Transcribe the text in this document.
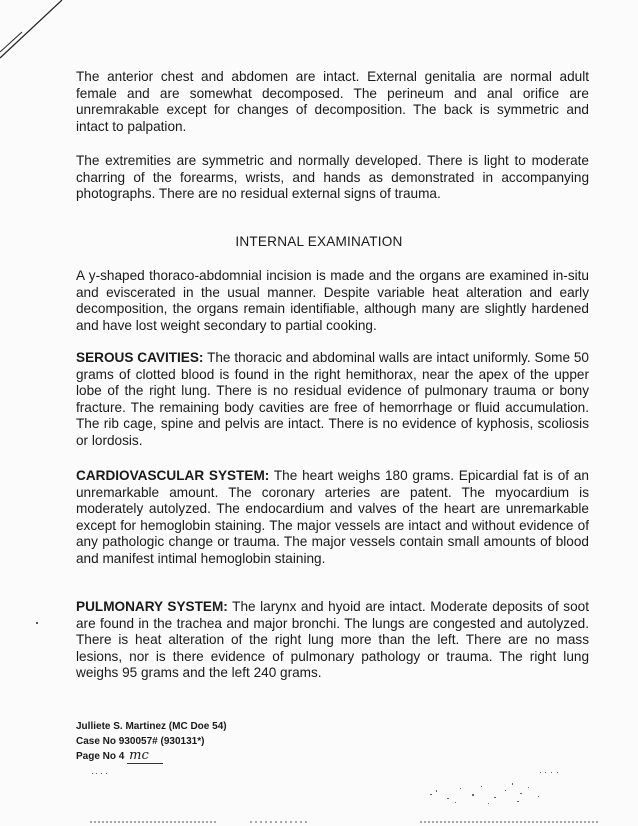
The anterior chest and abdomen are intact. External genitalia are normal adult female and are somewhat decomposed. The perineum and anal orifice are unremrakable except for changes of decomposition. The back is symmetric and intact to palpation.
The extremities are symmetric and normally developed. There is light to moderate charring of the forearms, wrists, and hands as demonstrated in accompanying photographs. There are no residual external signs of trauma.
INTERNAL EXAMINATION
A y-shaped thoraco-abdomnial incision is made and the organs are examined in-situ and eviscerated in the usual manner. Despite variable heat alteration and early decomposition, the organs remain identifiable, although many are slightly hardened and have lost weight secondary to partial cooking.
SEROUS CAVITIES: The thoracic and abdominal walls are intact uniformly. Some 50 grams of clotted blood is found in the right hemithorax, near the apex of the upper lobe of the right lung. There is no residual evidence of pulmonary trauma or bony fracture. The remaining body cavities are free of hemorrhage or fluid accumulation. The rib cage, spine and pelvis are intact. There is no evidence of kyphosis, scoliosis or lordosis.
CARDIOVASCULAR SYSTEM: The heart weighs 180 grams. Epicardial fat is of an unremarkable amount. The coronary arteries are patent. The myocardium is moderately autolyzed. The endocardium and valves of the heart are unremarkable except for hemoglobin staining. The major vessels are intact and without evidence of any pathologic change or trauma. The major vessels contain small amounts of blood and manifest intimal hemoglobin staining.
PULMONARY SYSTEM: The larynx and hyoid are intact. Moderate deposits of soot are found in the trachea and major bronchi. The lungs are congested and autolyzed. There is heat alteration of the right lung more than the left. There are no mass lesions, nor is there evidence of pulmonary pathology or trauma. The right lung weighs 95 grams and the left 240 grams.
Julliete S. Martinez (MC Doe 54)
Case No 930057# (930131*)
Page No 4 mc
